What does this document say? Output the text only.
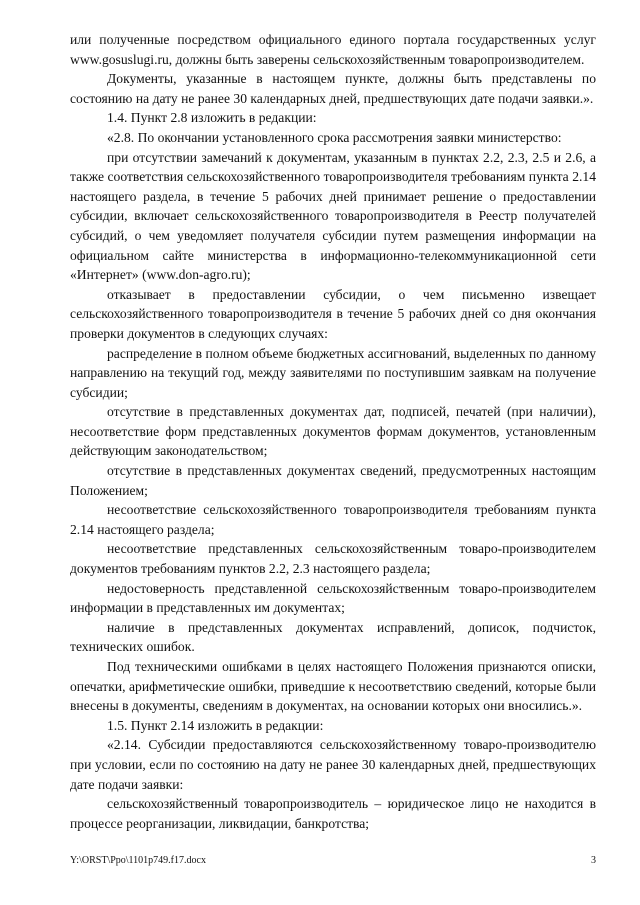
или полученные посредством официального единого портала государственных услуг www.gosuslugi.ru, должны быть заверены сельскохозяйственным товаропроизводителем.

Документы, указанные в настоящем пункте, должны быть представлены по состоянию на дату не ранее 30 календарных дней, предшествующих дате подачи заявки.».

1.4. Пункт 2.8 изложить в редакции:

«2.8. По окончании установленного срока рассмотрения заявки министерство:

при отсутствии замечаний к документам, указанным в пунктах 2.2, 2.3, 2.5 и 2.6, а также соответствия сельскохозяйственного товаропроизводителя требованиям пункта 2.14 настоящего раздела, в течение 5 рабочих дней принимает решение о предоставлении субсидии, включает сельскохозяйственного товаропроизводителя в Реестр получателей субсидий, о чем уведомляет получателя субсидии путем размещения информации на официальном сайте министерства в информационно-телекоммуникационной сети «Интернет» (www.don-agro.ru);

отказывает в предоставлении субсидии, о чем письменно извещает сельскохозяйственного товаропроизводителя в течение 5 рабочих дней со дня окончания проверки документов в следующих случаях:

распределение в полном объеме бюджетных ассигнований, выделенных по данному направлению на текущий год, между заявителями по поступившим заявкам на получение субсидии;

отсутствие в представленных документах дат, подписей, печатей (при наличии), несоответствие форм представленных документов формам документов, установленным действующим законодательством;

отсутствие в представленных документах сведений, предусмотренных настоящим Положением;

несоответствие сельскохозяйственного товаропроизводителя требованиям пункта 2.14 настоящего раздела;

несоответствие представленных сельскохозяйственным товаро-производителем документов требованиям пунктов 2.2, 2.3 настоящего раздела;

недостоверность представленной сельскохозяйственным товаро-производителем информации в представленных им документах;

наличие в представленных документах исправлений, дописок, подчисток, технических ошибок.

Под техническими ошибками в целях настоящего Положения признаются описки, опечатки, арифметические ошибки, приведшие к несоответствию сведений, которые были внесены в документы, сведениям в документах, на основании которых они вносились.».

1.5. Пункт 2.14 изложить в редакции:

«2.14. Субсидии предоставляются сельскохозяйственному товаро-производителю при условии, если по состоянию на дату не ранее 30 календарных дней, предшествующих дате подачи заявки:

сельскохозяйственный товаропроизводитель – юридическое лицо не находится в процессе реорганизации, ликвидации, банкротства;

Y:\ORST\Ppo\1101p749.f17.docx	3
